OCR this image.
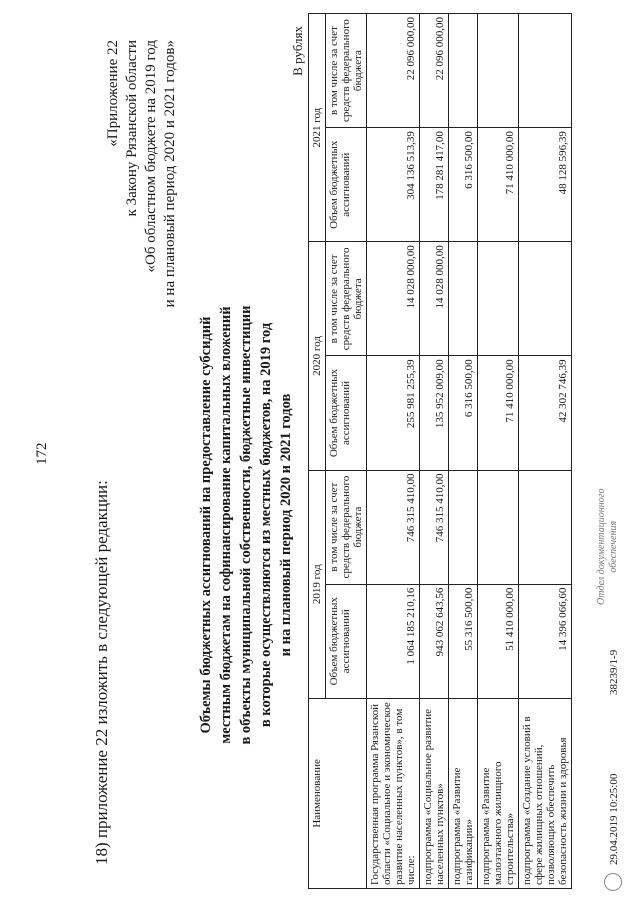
172
18) приложение 22 изложить в следующей редакции:
«Приложение 22 к Закону Рязанской области «Об областном бюджете на 2019 год и на плановый период 2020 и 2021 годов»
Объемы бюджетных ассигнований на предоставление субсидий местным бюджетам на софинансирование капитальных вложений в объекты муниципальной собственности, бюджетные инвестиции в которые осуществляются из местных бюджетов, на 2019 год и на плановый период 2020 и 2021 годов
В рублях
Наименование	2019 год		2020 год		2021 год	
	Объем бюджетных ассигнований	в том числе за счет средств федерального бюджета	Объем бюджетных ассигнований	в том числе за счет средств федерального бюджета	Объем бюджетных ассигнований	в том числе за счет средств федерального бюджета
Государственная программа Рязанской области «Социальное и экономическое развитие населенных пунктов», в том числе:	1 064 185 210,16	746 315 410,00	255 981 255,39	14 028 000,00	304 136 513,39	22 096 000,00
подпрограмма «Социальное развитие населенных пунктов»	943 062 643,56	746 315 410,00	135 952 009,00	14 028 000,00	178 281 417,00	22 096 000,00
подпрограмма «Развитие газификации»	55 316 500,00		6 316 500,00		6 316 500,00	
подпрограмма «Развитие малоэтажного жилищного строительства»	51 410 000,00		71 410 000,00		71 410 000,00	
подпрограмма «Создание условий в сфере жилищных отношений, позволяющих обеспечить безопасность жизни и здоровья	14 396 066,60		42 302 746,39		48 128 596,39	
29.04.2019 10:25:00
38239/1-9
Отдел документационного обеспечения
